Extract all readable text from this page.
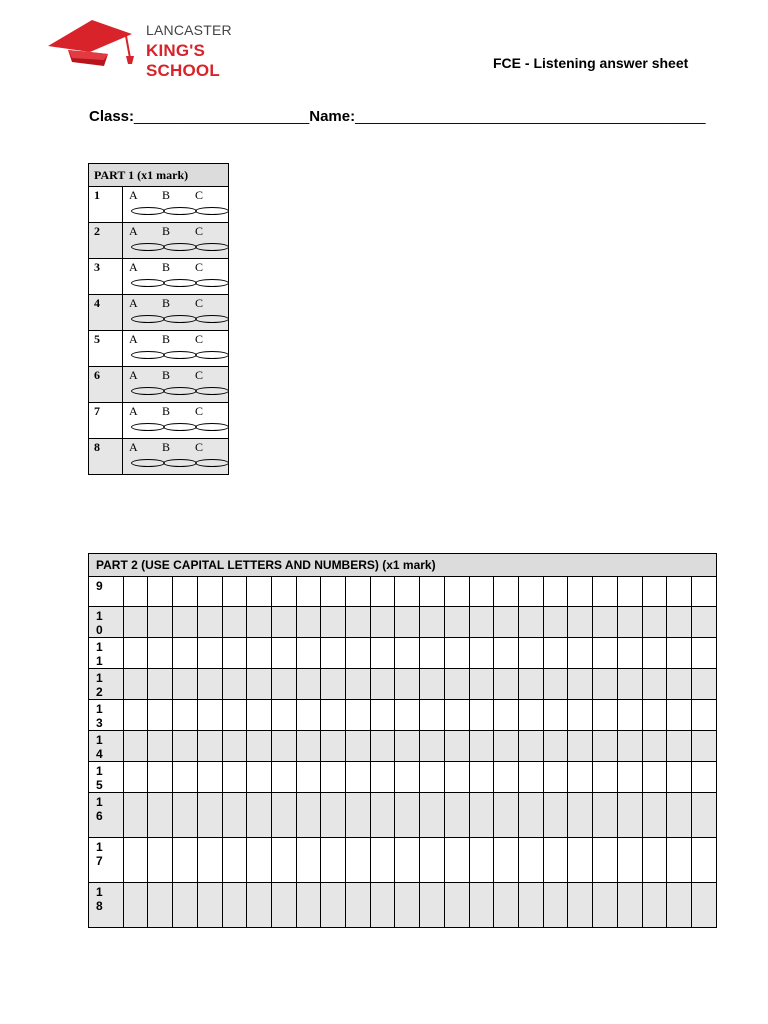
LANCASTER
KING'S SCHOOL	FCE - Listening answer sheet
Class:_____________________Name:__________________________________________
PART 1 (x1 mark)	
1	A B C

2	A B C

3	A B C

4	A B C

5	A B C

6	A B C

7	A B C

8	A B C
PART 2 (USE CAPITAL LETTERS AND NUMBERS) (x1 mark)																								

9																								

1
0																								

1
1																								

1
2																								

1
3																								

1
4																								

1
5																								

1
6																								

1
7																								

1
8																								
